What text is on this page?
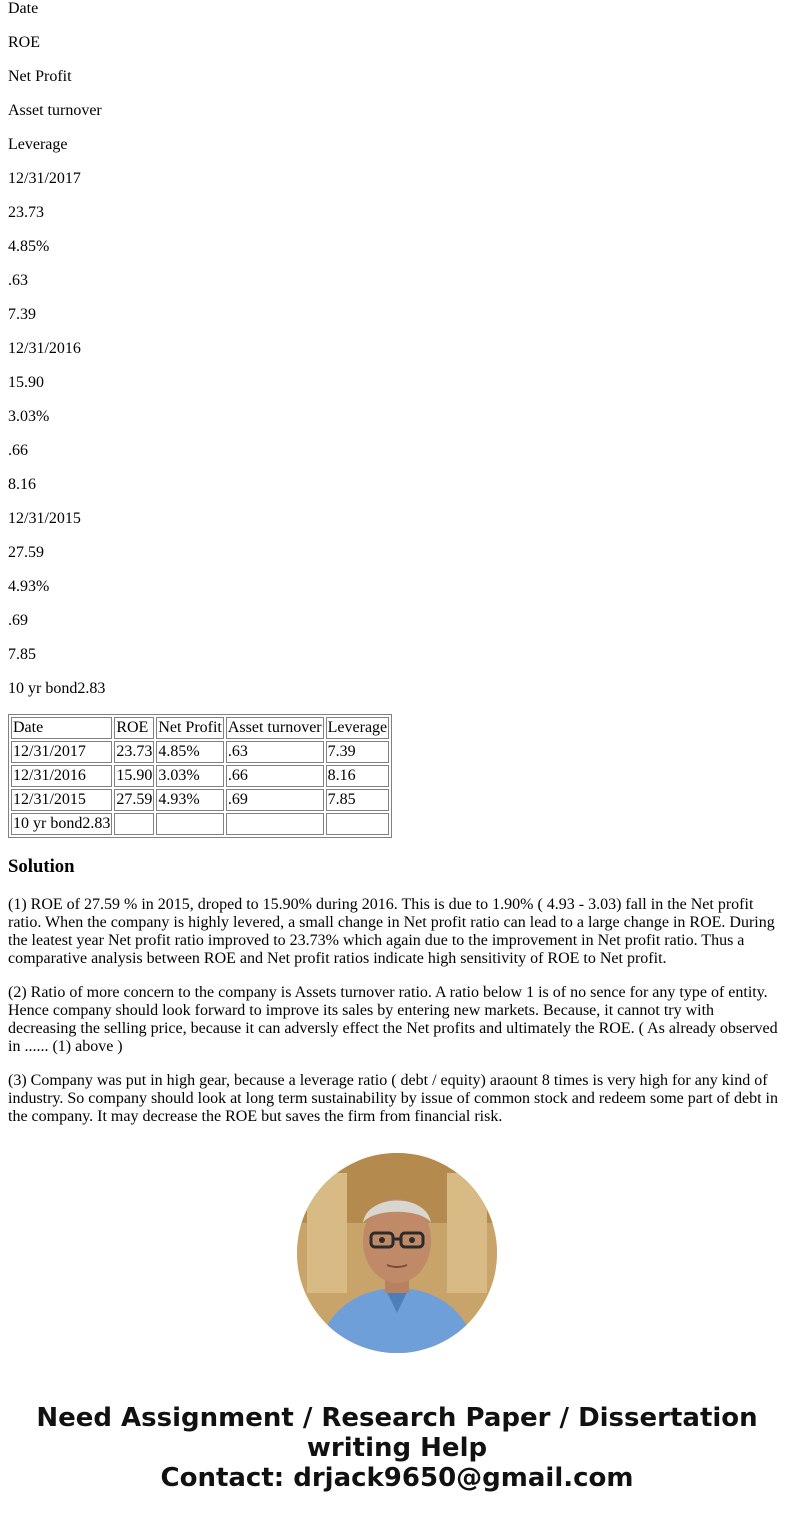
Date

ROE

Net Profit

Asset turnover

Leverage

12/31/2017

23.73

4.85%

.63

7.39

12/31/2016

15.90

3.03%

.66

8.16

12/31/2015

27.59

4.93%

.69

7.85

10 yr bond2.83

Date	ROE	Net Profit	Asset turnover	Leverage
12/31/2017	23.73	4.85%	.63	7.39
12/31/2016	15.90	3.03%	.66	8.16
12/31/2015	27.59	4.93%	.69	7.85
10 yr bond2.83				
Solution

(1) ROE of 27.59 % in 2015, droped to 15.90% during 2016. This is due to 1.90% ( 4.93 - 3.03) fall in the Net profit ratio. When the company is highly levered, a small change in Net profit ratio can lead to a large change in ROE. During the leatest year Net profit ratio improved to 23.73% which again due to the improvement in Net profit ratio. Thus a comparative analysis between ROE and Net profit ratios indicate high sensitivity of ROE to Net profit.

(2) Ratio of more concern to the company is Assets turnover ratio. A ratio below 1 is of no sence for any type of entity. Hence company should look forward to improve its sales by entering new markets. Because, it cannot try with decreasing the selling price, because it can adversly effect the Net profits and ultimately the ROE. ( As already observed in ...... (1) above )

(3) Company was put in high gear, because a leverage ratio ( debt / equity) araount 8 times is very high for any kind of industry. So company should look at long term sustainability by issue of common stock and redeem some part of debt in the company. It may decrease the ROE but saves the firm from financial risk.

Need Assignment / Research Paper / Dissertation
writing Help
Contact: drjack9650@gmail.com
